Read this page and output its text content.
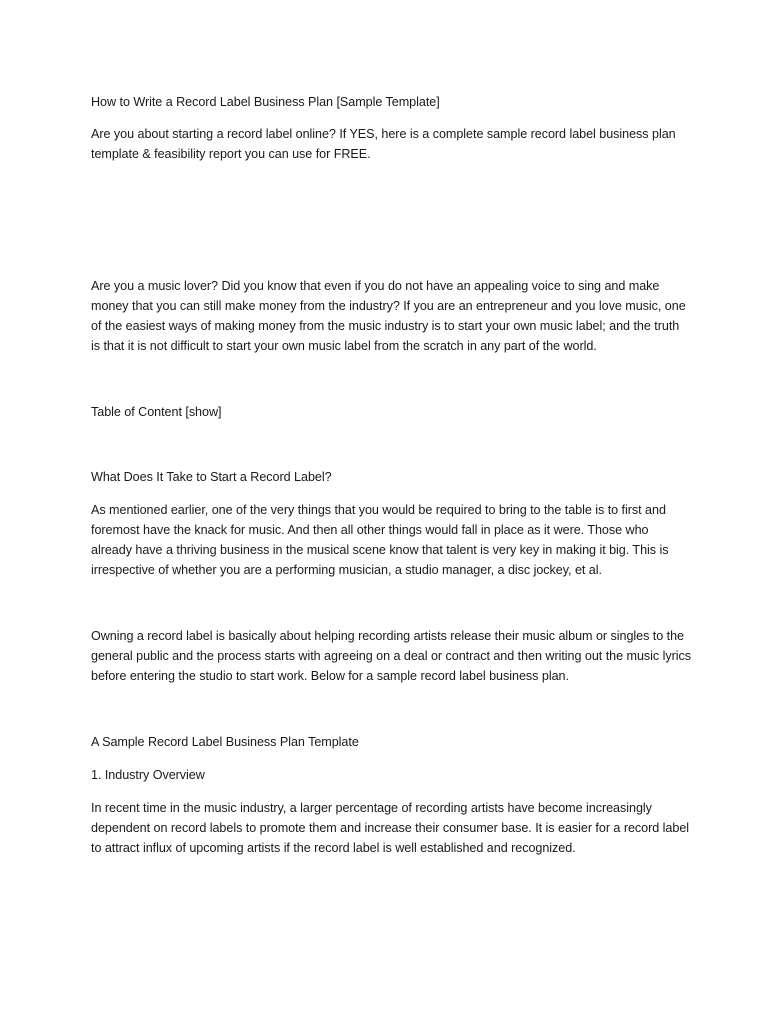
How to Write a Record Label Business Plan [Sample Template]

Are you about starting a record label online? If YES, here is a complete sample record label business plan template & feasibility report you can use for FREE.

Are you a music lover? Did you know that even if you do not have an appealing voice to sing and make money that you can still make money from the industry? If you are an entrepreneur and you love music, one of the easiest ways of making money from the music industry is to start your own music label; and the truth is that it is not difficult to start your own music label from the scratch in any part of the world.

Table of Content [show]

What Does It Take to Start a Record Label?

As mentioned earlier, one of the very things that you would be required to bring to the table is to first and foremost have the knack for music. And then all other things would fall in place as it were. Those who already have a thriving business in the musical scene know that talent is very key in making it big. This is irrespective of whether you are a performing musician, a studio manager, a disc jockey, et al.

Owning a record label is basically about helping recording artists release their music album or singles to the general public and the process starts with agreeing on a deal or contract and then writing out the music lyrics before entering the studio to start work. Below for a sample record label business plan.

A Sample Record Label Business Plan Template

1. Industry Overview

In recent time in the music industry, a larger percentage of recording artists have become increasingly dependent on record labels to promote them and increase their consumer base. It is easier for a record label to attract influx of upcoming artists if the record label is well established and recognized.
